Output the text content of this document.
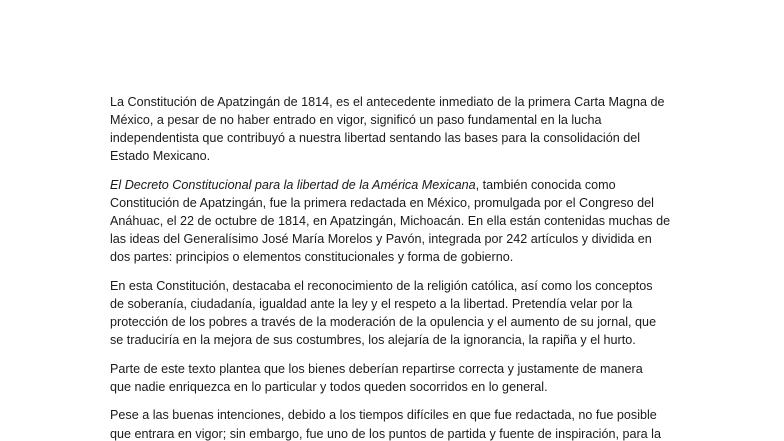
La Constitución de Apatzingán de 1814, es el antecedente inmediato de la primera Carta Magna de
México, a pesar de no haber entrado en vigor, significó un paso fundamental en la lucha
independentista que contribuyó a nuestra libertad sentando las bases para la consolidación del
Estado Mexicano.

El Decreto Constitucional para la libertad de la América Mexicana, también conocida como
Constitución de Apatzingán, fue la primera redactada en México, promulgada por el Congreso del
Anáhuac, el 22 de octubre de 1814, en Apatzingán, Michoacán. En ella están contenidas muchas de
las ideas del Generalísimo José María Morelos y Pavón, integrada por 242 artículos y dividida en
dos partes: principios o elementos constitucionales y forma de gobierno.

En esta Constitución, destacaba el reconocimiento de la religión católica, así como los conceptos
de soberanía, ciudadanía, igualdad ante la ley y el respeto a la libertad. Pretendía velar por la
protección de los pobres a través de la moderación de la opulencia y el aumento de su jornal, que
se traduciría en la mejora de sus costumbres, los alejaría de la ignorancia, la rapiña y el hurto.

Parte de este texto plantea que los bienes deberían repartirse correcta y justamente de manera
que nadie enriquezca en lo particular y todos queden socorridos en lo general.

Pese a las buenas intenciones, debido a los tiempos difíciles en que fue redactada, no fue posible
que entrara en vigor; sin embargo, fue uno de los puntos de partida y fuente de inspiración, para la
